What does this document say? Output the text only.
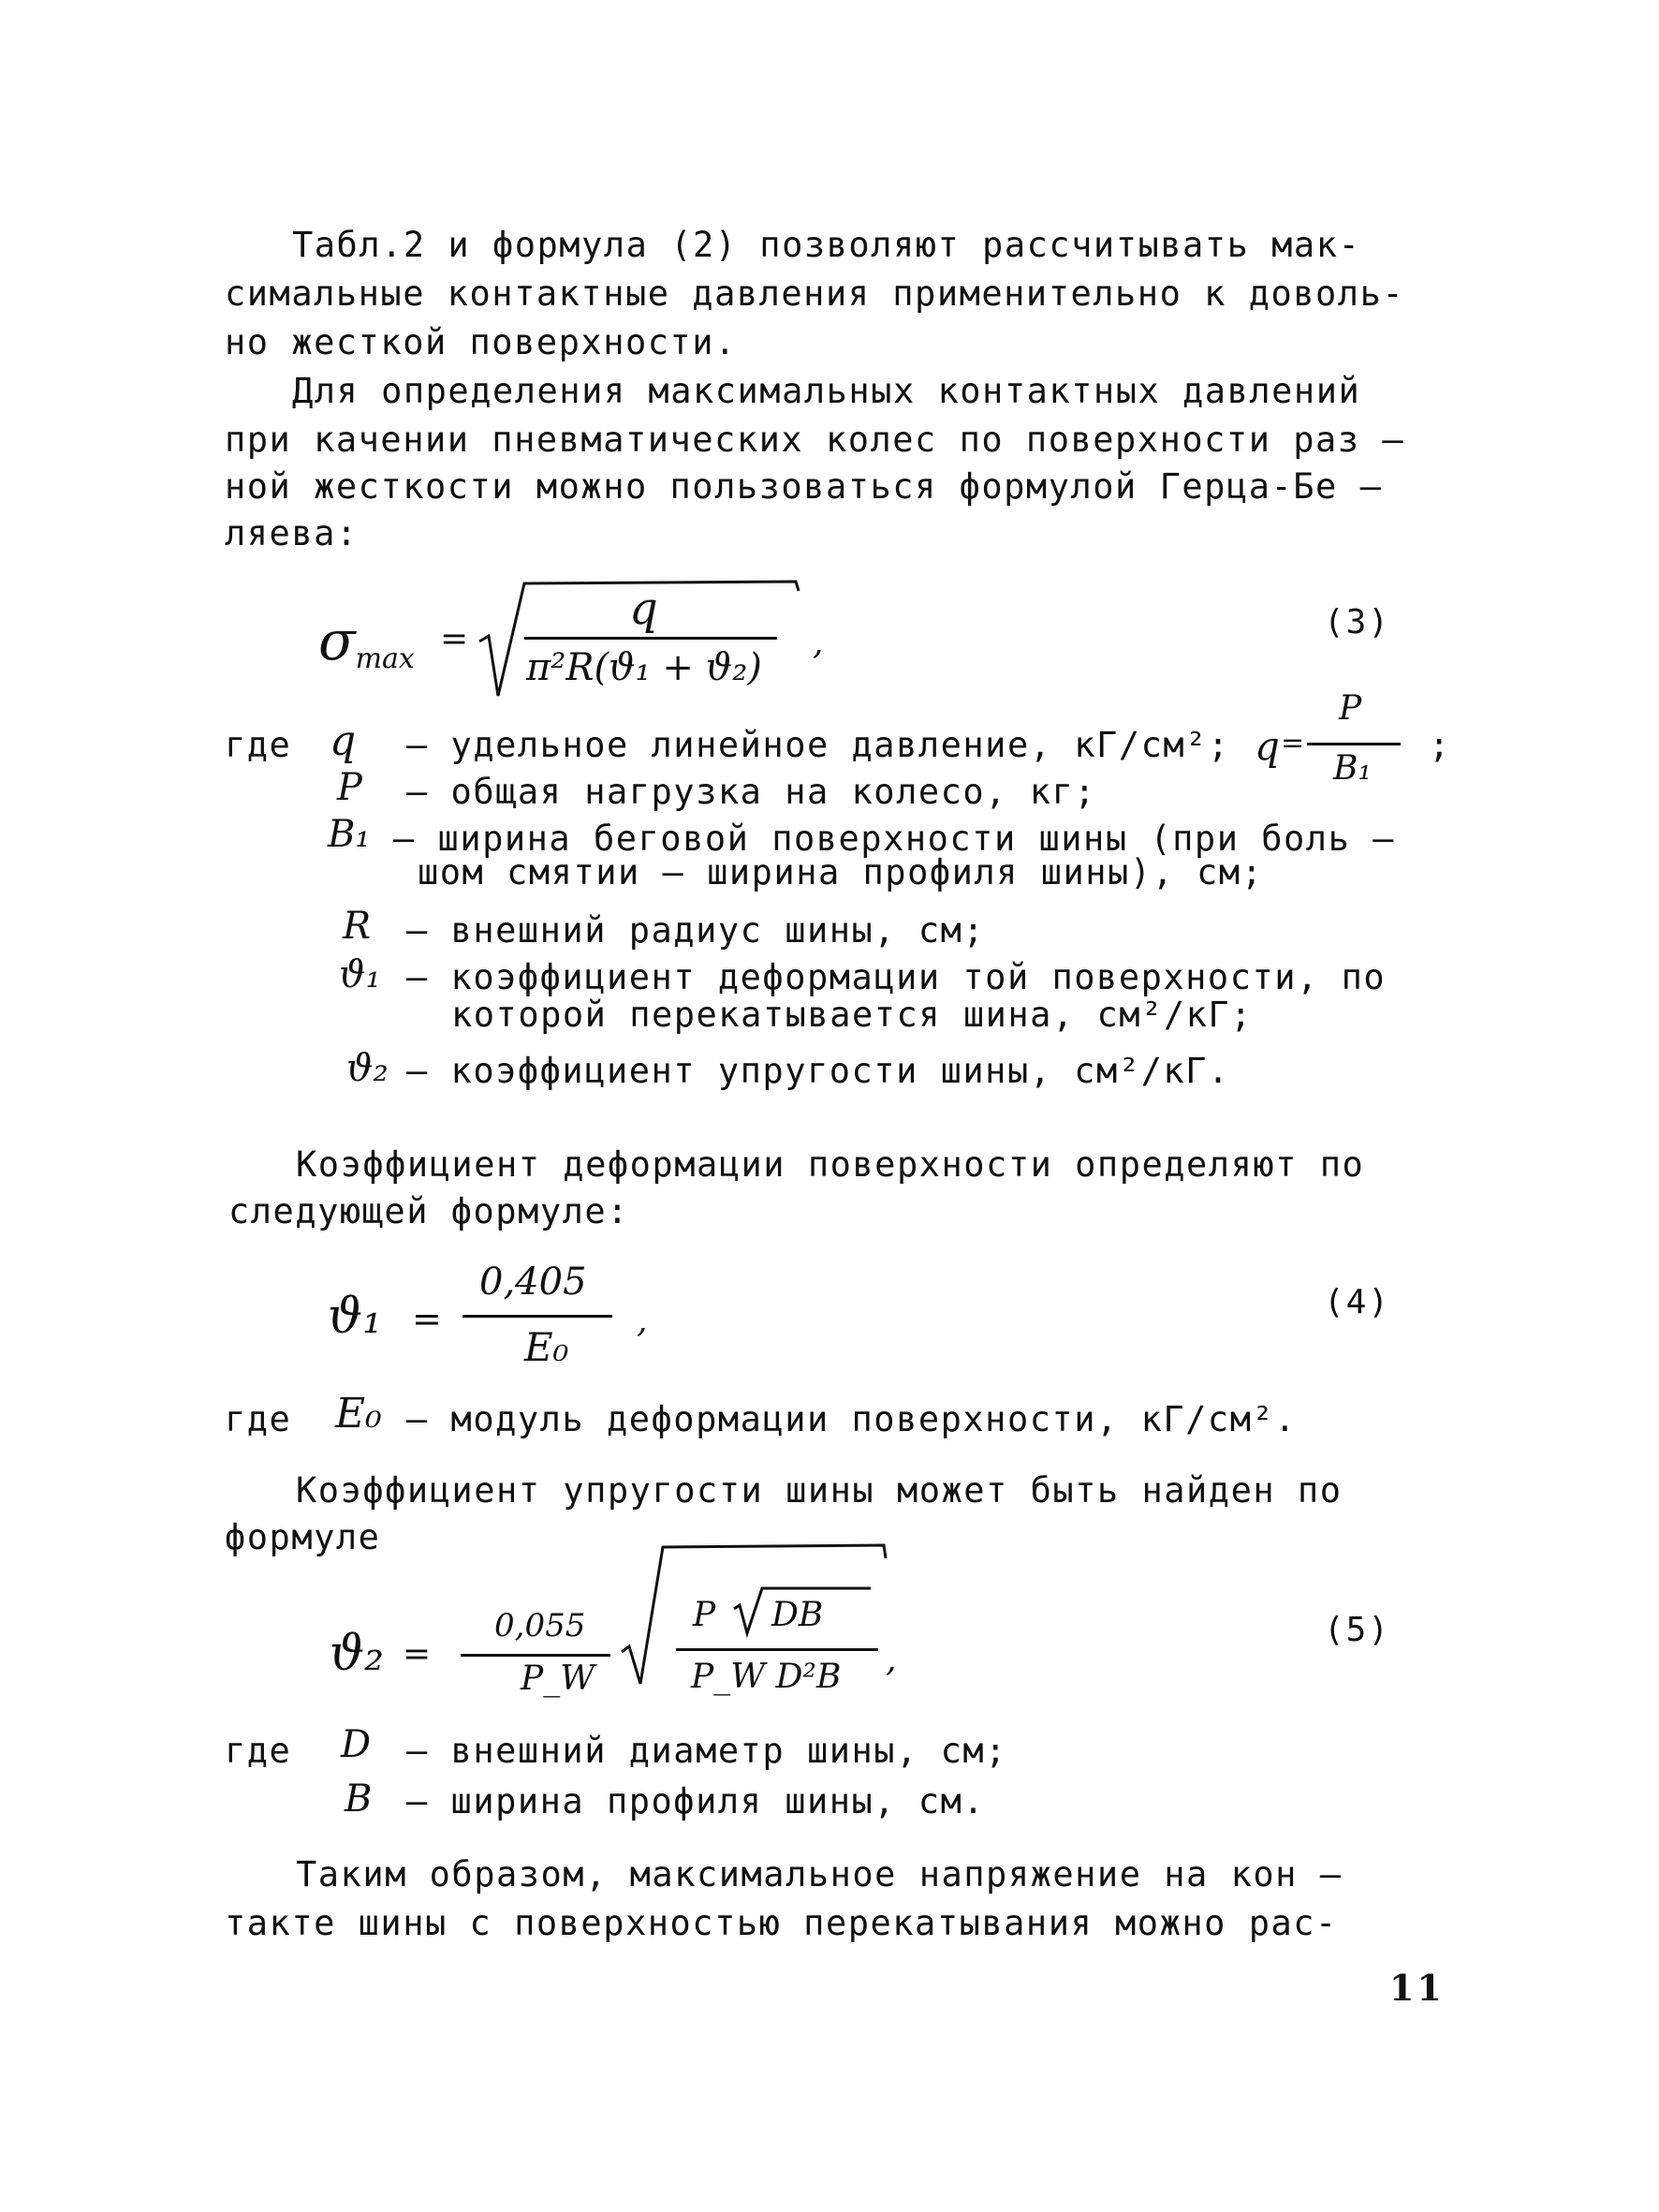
Табл.2 и формула (2) позволяют рассчитывать мак-
симальные контактные давления применительно к доволь-
но жесткой поверхности.
Для определения максимальных контактных давлений
при качении пневматических колес по поверхности раз –
ной жесткости можно пользоваться формулой Герца-Бе –
ляева:
$\sigma_{max}$
=
q
π²R(ϑ₁ + ϑ₂)
,
(3)
где q – удельное линейное давление, кГ/см²; q =
P
B₁
;
P – общая нагрузка на колесо, кг;
B₁ – ширина беговой поверхности шины (при боль –
шом смятии – ширина профиля шины), см;
R – внешний радиус шины, см;
ϑ₁ – коэффициент деформации той поверхности, по
которой перекатывается шина, см²/кГ;
ϑ₂ – коэффициент упругости шины, см²/кГ.
Коэффициент деформации поверхности определяют по
следующей формуле:
ϑ₁ =
0,405
E₀
,	(4)
где E₀ – модуль деформации поверхности, кГ/см².
Коэффициент упругости шины может быть найден по
формуле
ϑ₂ =
0,055
P_W
P DB
P_W D²B ,
(5)
где D – внешний диаметр шины, см;
B – ширина профиля шины, см.
Таким образом, максимальное напряжение на кон –
такте шины с поверхностью перекатывания можно рас-
11
